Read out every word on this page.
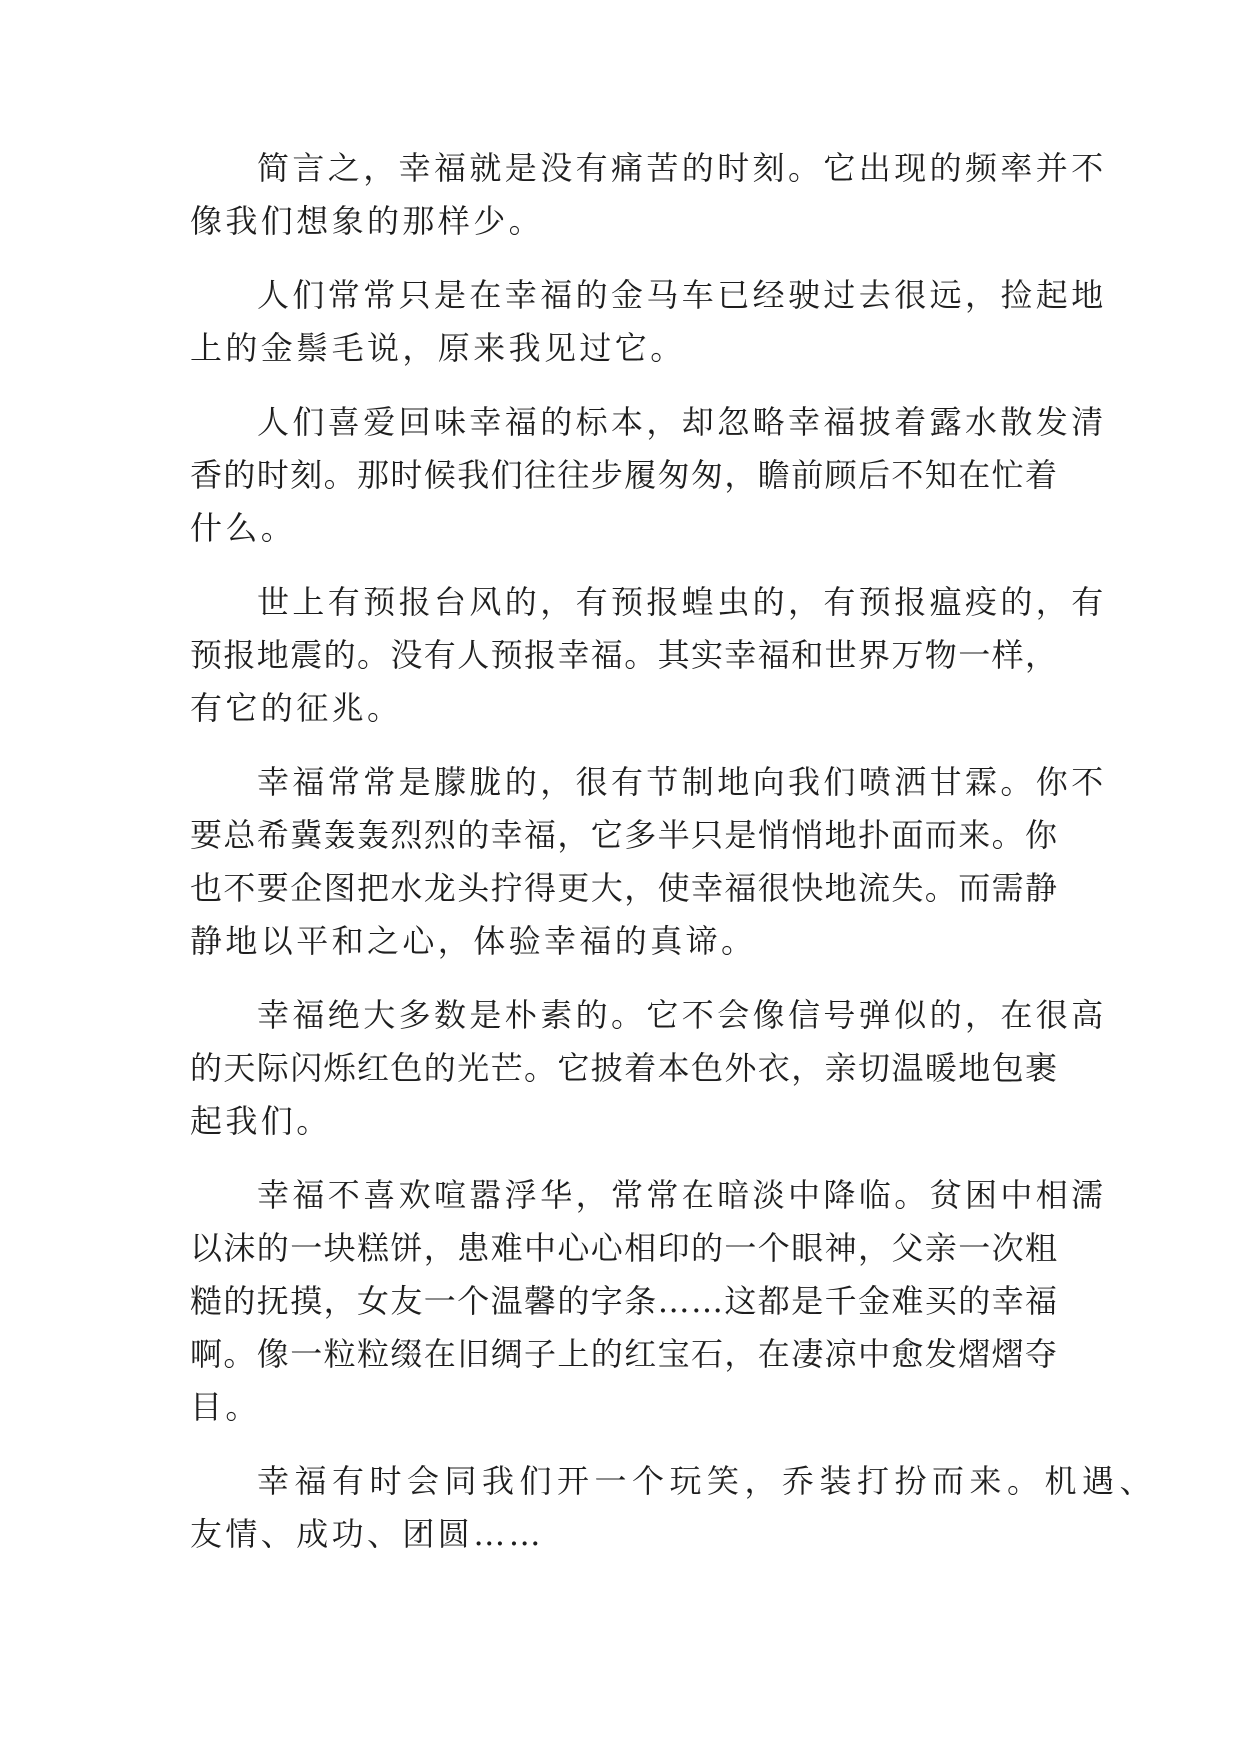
简言之，幸福就是没有痛苦的时刻。它出现的频率并不
像我们想象的那样少。
人们常常只是在幸福的金马车已经驶过去很远，捡起地
上的金鬃毛说，原来我见过它。
人们喜爱回味幸福的标本，却忽略幸福披着露水散发清
香的时刻。那时候我们往往步履匆匆，瞻前顾后不知在忙着
什么。
世上有预报台风的，有预报蝗虫的，有预报瘟疫的，有
预报地震的。没有人预报幸福。其实幸福和世界万物一样，
有它的征兆。
幸福常常是朦胧的，很有节制地向我们喷洒甘霖。你不
要总希冀轰轰烈烈的幸福，它多半只是悄悄地扑面而来。你
也不要企图把水龙头拧得更大，使幸福很快地流失。而需静
静地以平和之心，体验幸福的真谛。
幸福绝大多数是朴素的。它不会像信号弹似的，在很高
的天际闪烁红色的光芒。它披着本色外衣，亲切温暖地包裹
起我们。
幸福不喜欢喧嚣浮华，常常在暗淡中降临。贫困中相濡
以沫的一块糕饼，患难中心心相印的一个眼神，父亲一次粗
糙的抚摸，女友一个温馨的字条……这都是千金难买的幸福
啊。像一粒粒缀在旧绸子上的红宝石，在凄凉中愈发熠熠夺
目。
幸福有时会同我们开一个玩笑，乔装打扮而来。机遇、
友情、成功、团圆……
